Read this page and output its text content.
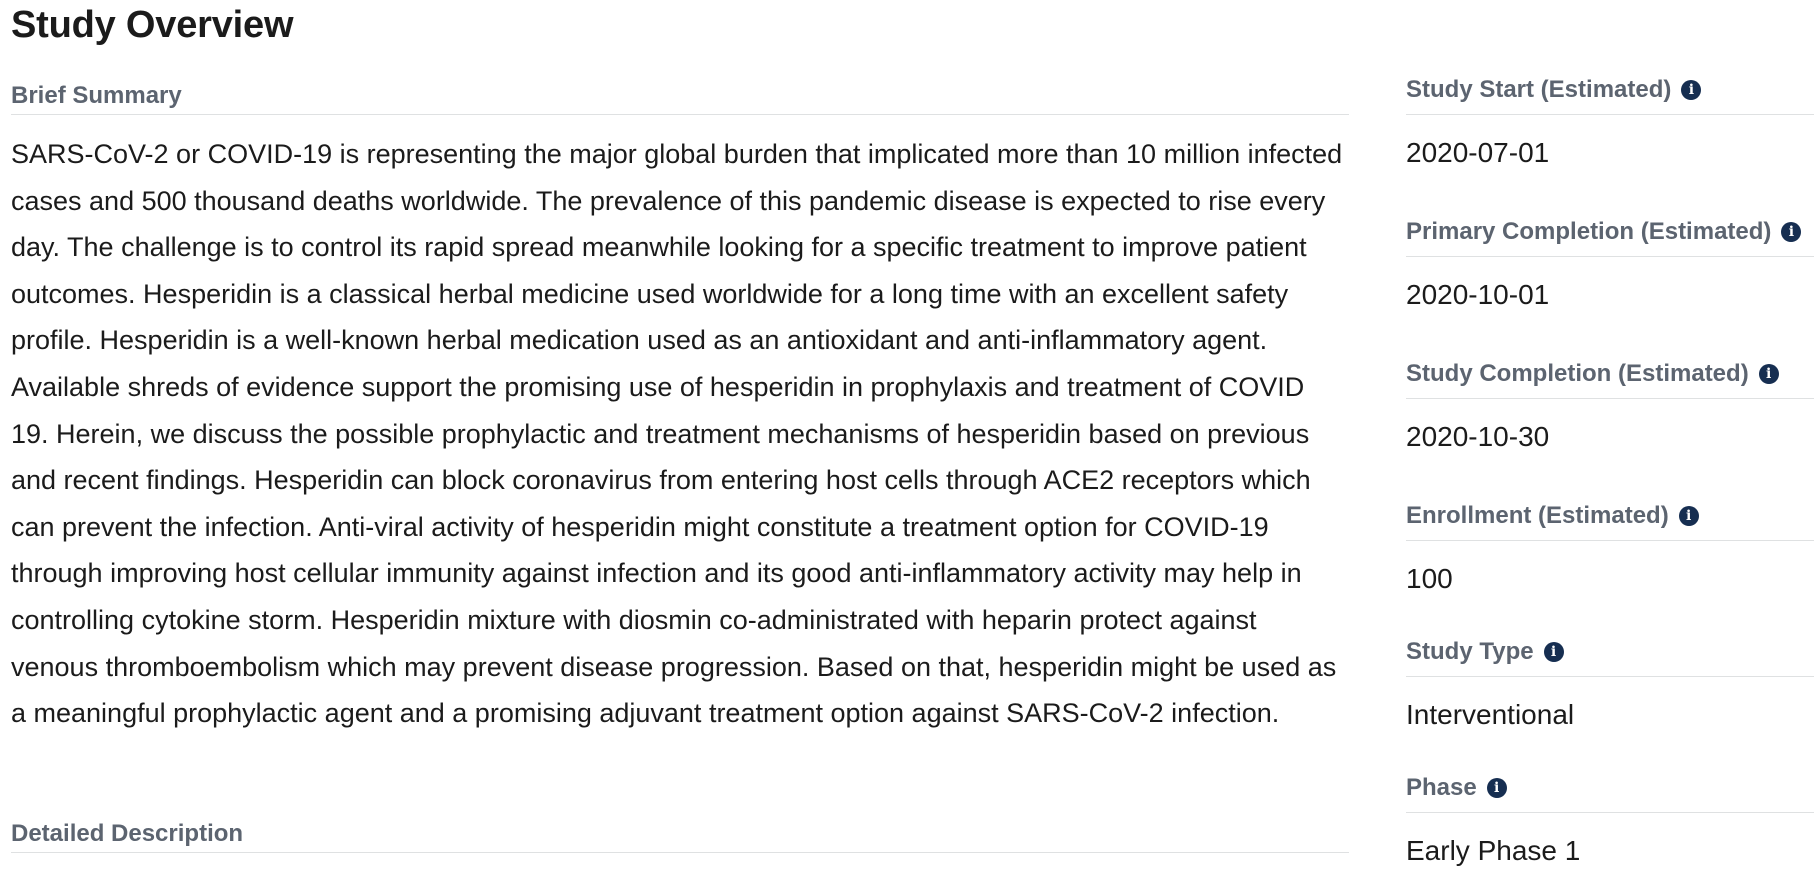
Study Overview
Brief Summary

SARS-CoV-2 or COVID-19 is representing the major global burden that implicated more than 10 million infected cases and 500 thousand deaths worldwide. The prevalence of this pandemic disease is expected to rise every day. The challenge is to control its rapid spread meanwhile looking for a specific treatment to improve patient outcomes. Hesperidin is a classical herbal medicine used worldwide for a long time with an excellent safety profile. Hesperidin is a well-known herbal medication used as an antioxidant and anti-inflammatory agent. Available shreds of evidence support the promising use of hesperidin in prophylaxis and treatment of COVID 19. Herein, we discuss the possible prophylactic and treatment mechanisms of hesperidin based on previous and recent findings. Hesperidin can block coronavirus from entering host cells through ACE2 receptors which can prevent the infection. Anti-viral activity of hesperidin might constitute a treatment option for COVID-19 through improving host cellular immunity against infection and its good anti-inflammatory activity may help in controlling cytokine storm. Hesperidin mixture with diosmin co-administrated with heparin protect against venous thromboembolism which may prevent disease progression. Based on that, hesperidin might be used as a meaningful prophylactic agent and a promising adjuvant treatment option against SARS-CoV-2 infection.

Detailed Description
Study Start (Estimated)	i
2020-07-01
Primary Completion (Estimated)	i
2020-10-01
Study Completion (Estimated)	i
2020-10-30
Enrollment (Estimated)	i
100
Study Type	i
Interventional
Phase	i
Early Phase 1
